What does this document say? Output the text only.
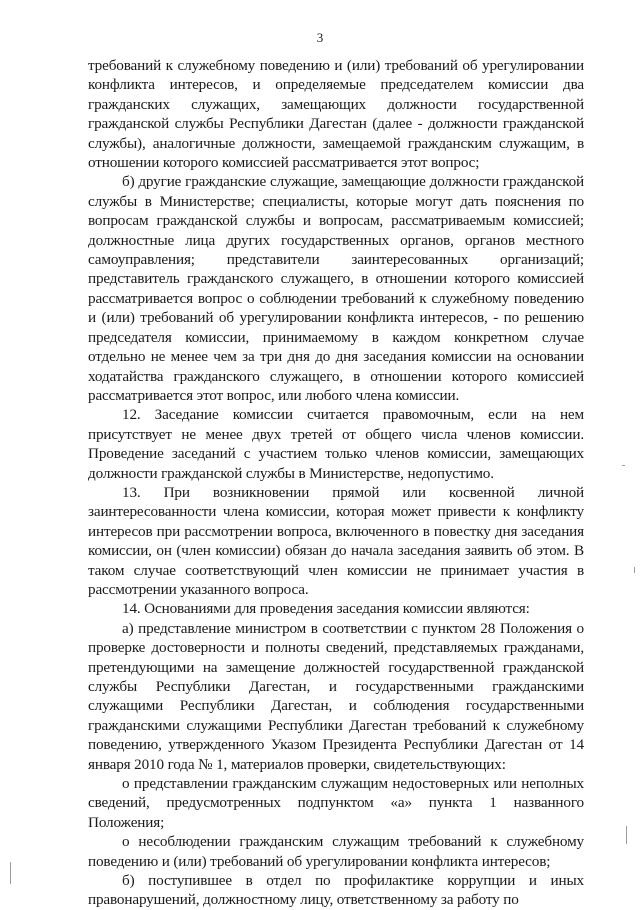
3

требований к служебному поведению и (или) требований об урегулировании конфликта интересов, и определяемые председателем комиссии два гражданских служащих, замещающих должности государственной гражданской службы Республики Дагестан (далее - должности гражданской службы), аналогичные должности, замещаемой гражданским служащим, в отношении которого комиссией рассматривается этот вопрос;

б) другие гражданские служащие, замещающие должности гражданской службы в Министерстве; специалисты, которые могут дать пояснения по вопросам гражданской службы и вопросам, рассматриваемым комиссией; должностные лица других государственных органов, органов местного самоуправления; представители заинтересованных организаций; представитель гражданского служащего, в отношении которого комиссией рассматривается вопрос о соблюдении требований к служебному поведению и (или) требований об урегулировании конфликта интересов, - по решению председателя комиссии, принимаемому в каждом конкретном случае отдельно не менее чем за три дня до дня заседания комиссии на основании ходатайства гражданского служащего, в отношении которого комиссией рассматривается этот вопрос, или любого члена комиссии.

12. Заседание комиссии считается правомочным, если на нем присутствует не менее двух третей от общего числа членов комиссии. Проведение заседаний с участием только членов комиссии, замещающих должности гражданской службы в Министерстве, недопустимо.

13. При возникновении прямой или косвенной личной заинтересованности члена комиссии, которая может привести к конфликту интересов при рассмотрении вопроса, включенного в повестку дня заседания комиссии, он (член комиссии) обязан до начала заседания заявить об этом. В таком случае соответствующий член комиссии не принимает участия в рассмотрении указанного вопроса.

14. Основаниями для проведения заседания комиссии являются:

а) представление министром в соответствии с пунктом 28 Положения о проверке достоверности и полноты сведений, представляемых гражданами, претендующими на замещение должностей государственной гражданской службы Республики Дагестан, и государственными гражданскими служащими Республики Дагестан, и соблюдения государственными гражданскими служащими Республики Дагестан требований к служебному поведению, утвержденного Указом Президента Республики Дагестан от 14 января 2010 года № 1, материалов проверки, свидетельствующих:

о представлении гражданским служащим недостоверных или неполных сведений, предусмотренных подпунктом «а» пункта 1 названного Положения;

о несоблюдении гражданским служащим требований к служебному поведению и (или) требований об урегулировании конфликта интересов;

б) поступившее в отдел по профилактике коррупции и иных правонарушений, должностному лицу, ответственному за работу по
